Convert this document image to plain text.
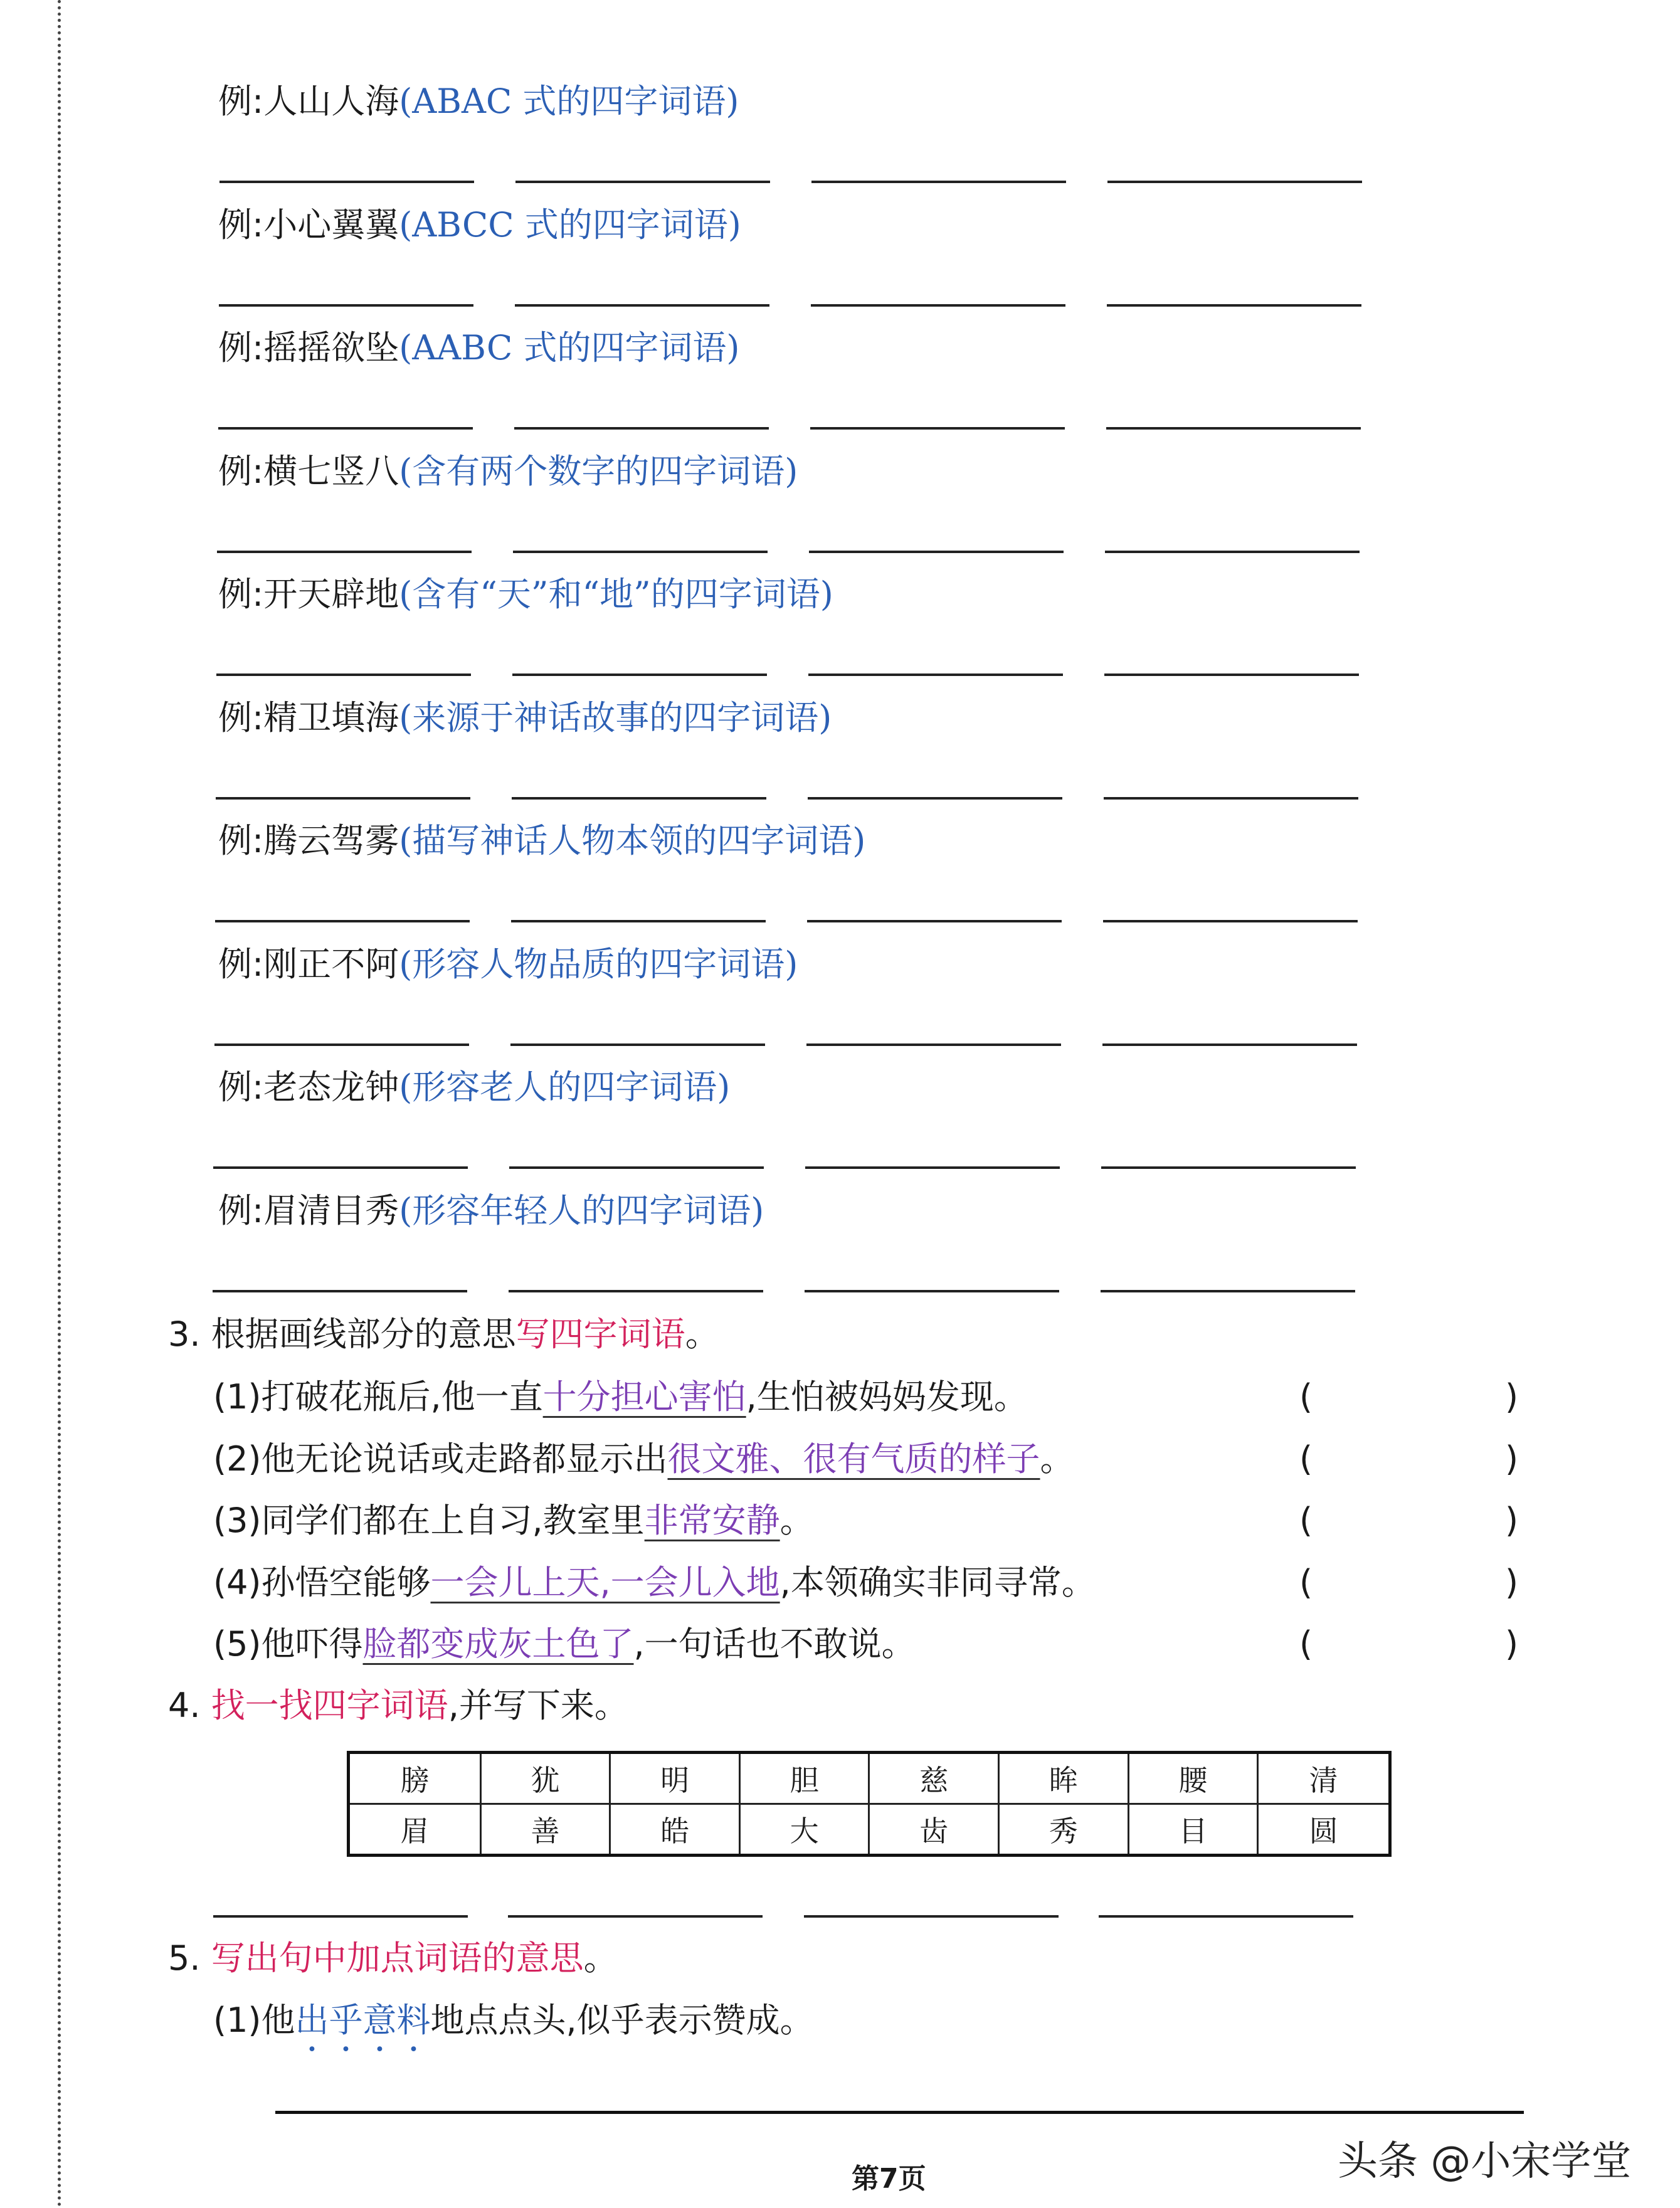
例:人山人海(ABAC 式的四字词语)
例:小心翼翼(ABCC 式的四字词语)
例:摇摇欲坠(AABC 式的四字词语)
例:横七竖八(含有两个数字的四字词语)
例:开天辟地(含有“天”和“地”的四字词语)
例:精卫填海(来源于神话故事的四字词语)
例:腾云驾雾(描写神话人物本领的四字词语)
例:刚正不阿(形容人物品质的四字词语)
例:老态龙钟(形容老人的四字词语)
例:眉清目秀(形容年轻人的四字词语)
3. 根据画线部分的意思写四字词语。
(1)打破花瓶后,他一直十分担心害怕,生怕被妈妈发现。	(	)
(2)他无论说话或走路都显示出很文雅、很有气质的样子。	(	)
(3)同学们都在上自习,教室里非常安静。	(	)
(4)孙悟空能够一会儿上天,一会儿入地,本领确实非同寻常。	(	)
(5)他吓得脸都变成灰土色了,一句话也不敢说。	(	)
4. 找一找四字词语,并写下来。
膀	犹	明	胆	慈	眸	腰	清
眉	善	皓	大	齿	秀	目	圆
5. 写出句中加点词语的意思。
(1)他出乎意料地点点头,似乎表示赞成。
第7页	头条 @小宋学堂
